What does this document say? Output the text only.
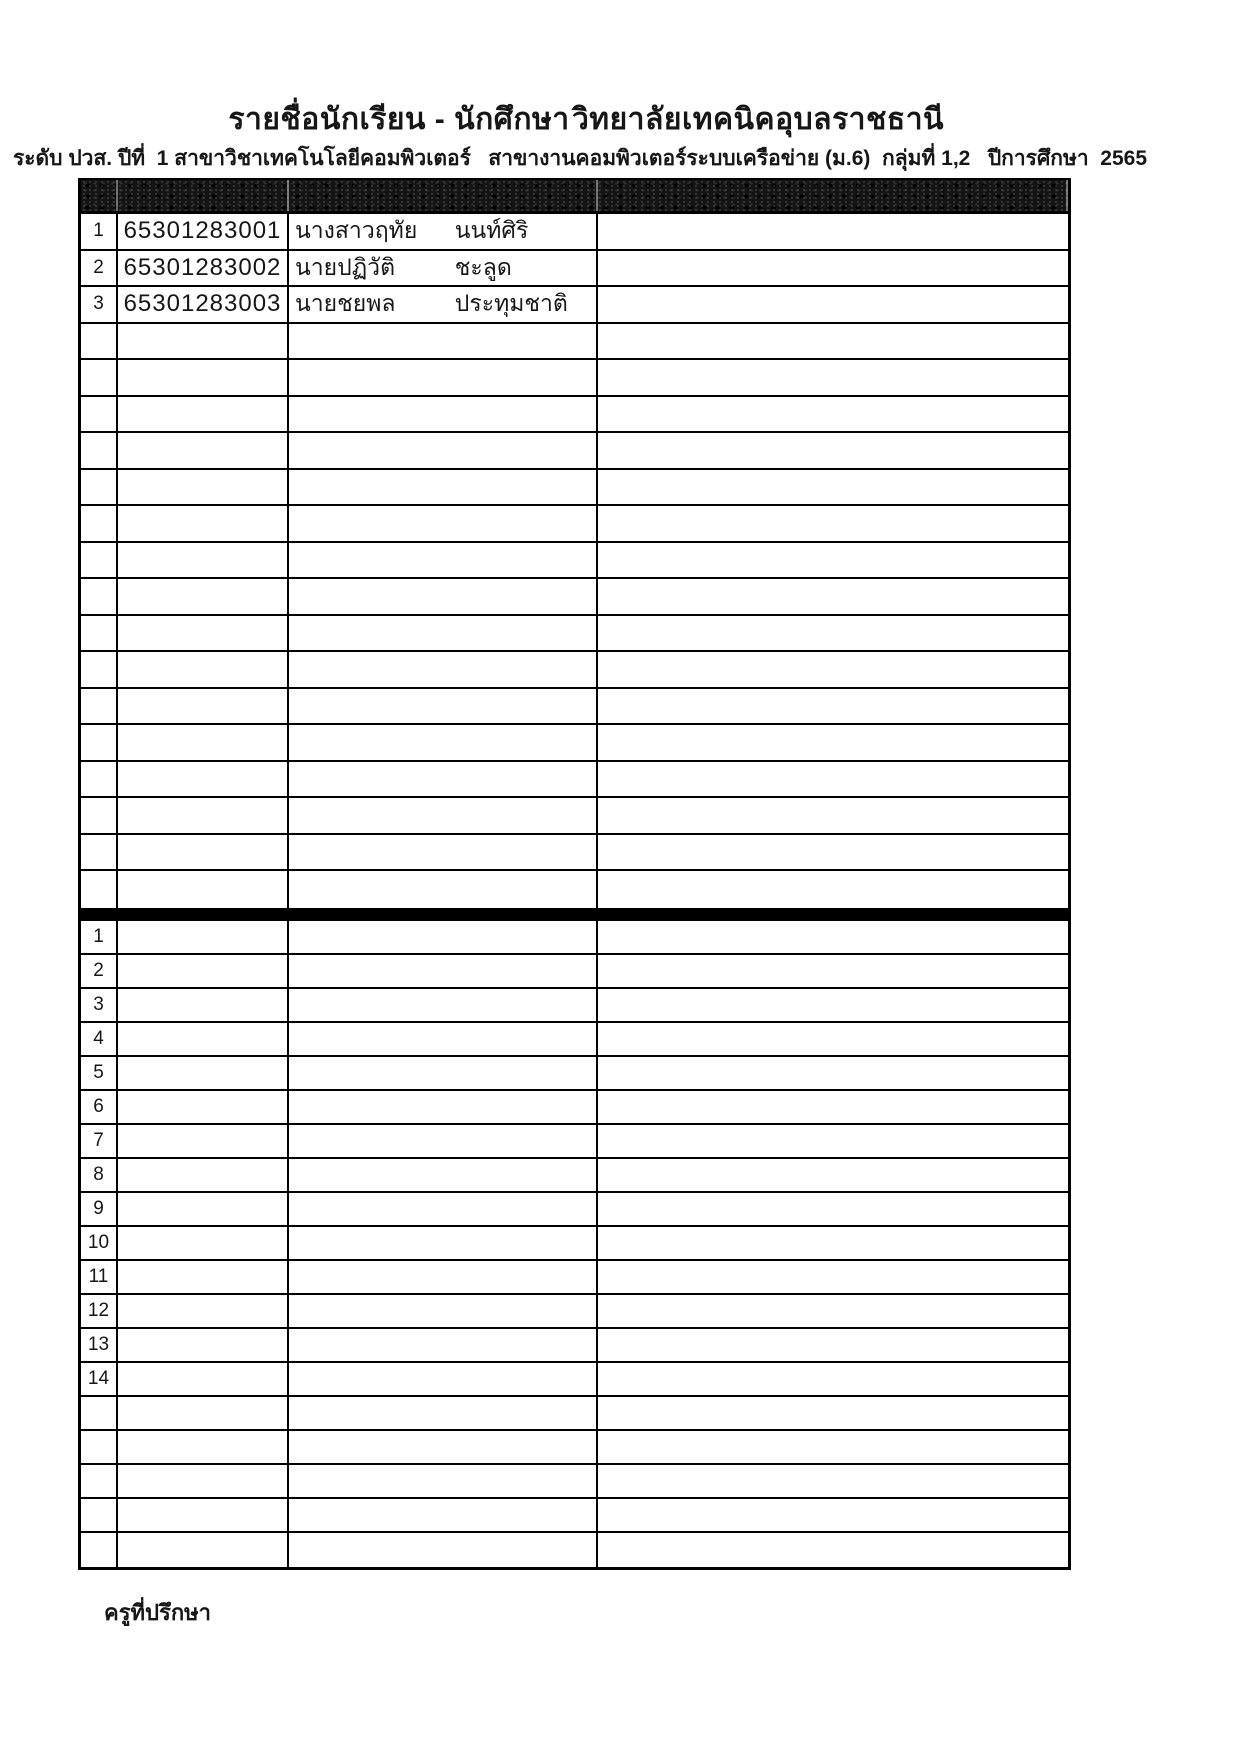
รายชื่อนักเรียน - นักศึกษา วิทยาลัยเทคนิคอุบลราชธานี
ระดับ ปวส. ปีที่  1 สาขาวิชาเทคโนโลยีคอมพิวเตอร์   สาขางานคอมพิวเตอร์ระบบเครือข่าย (ม.6)  กลุ่มที่ 1,2   ปีการศึกษา  2565
1 65301283001 นางสาวฤทัย นนท์ศิริ
2 65301283002 นายปฏิวัติ	ชะลูด
3 65301283003 นายชยพล	ประทุมชาติ
1
2
3
4
5
6
7
8
9
10
11
12
13
14
ครูที่ปรึกษา
